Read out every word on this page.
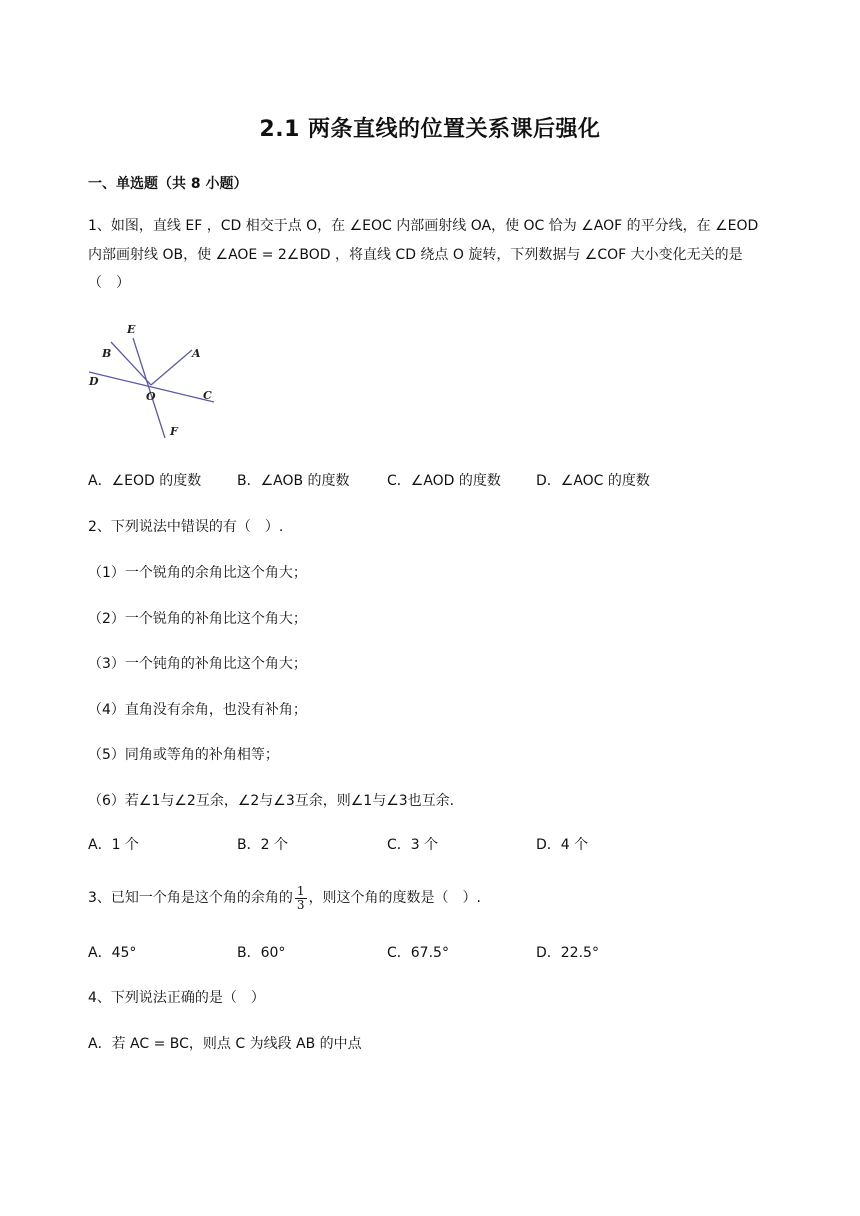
2.1 两条直线的位置关系课后强化
一、单选题（共 8 小题）
1、如图，直线 EF ，CD 相交于点 O，在 ∠EOC 内部画射线 OA，使 OC 恰为 ∠AOF 的平分线，在 ∠EOD
内部画射线 OB，使 ∠AOE = 2∠BOD ，将直线 CD 绕点 O 旋转，下列数据与 ∠COF 大小变化无关的是
（　）
E
B	A
D
O	C
F
A．∠EOD 的度数	B．∠AOB 的度数	C．∠AOD 的度数	D．∠AOC 的度数
2、下列说法中错误的有（　）.
（1）一个锐角的余角比这个角大；
（2）一个锐角的补角比这个角大；
（3）一个钝角的补角比这个角大；
（4）直角没有余角，也没有补角；
（5）同角或等角的补角相等；
（6）若∠1与∠2互余，∠2与∠3互余，则∠1与∠3也互余.
A．1 个	B．2 个	C．3 个	D．4 个
3、已知一个角是这个角的余角的 $\frac{1}{3}$ ，则这个角的度数是（　）.
A．45°	B．60°	C．67.5°	D．22.5°
4、下列说法正确的是（　）
A．若 AC = BC，则点 C 为线段 AB 的中点
